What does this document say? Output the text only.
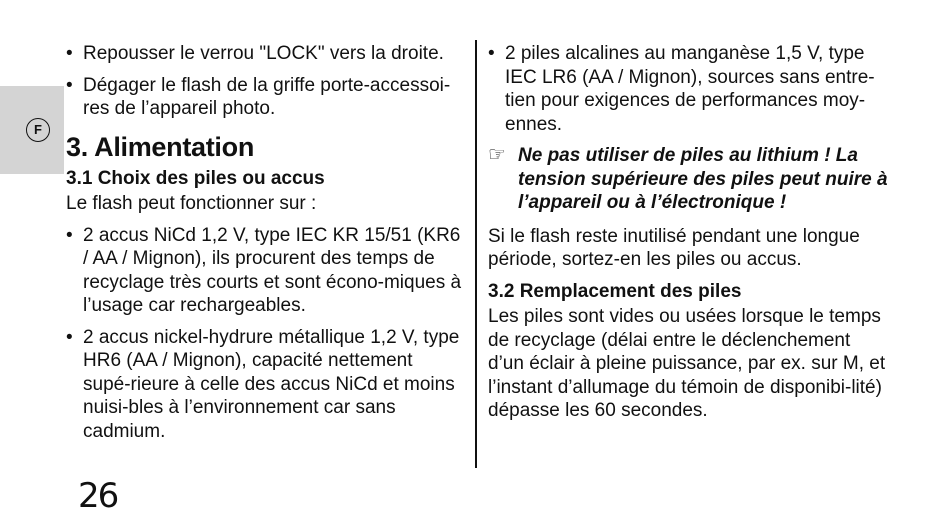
F
• Repousser le verrou "LOCK" vers la droite.
• Dégager le flash de la griffe porte-accessoi-res de l’appareil photo.
3. Alimentation
3.1 Choix des piles ou accus

Le flash peut fonctionner sur :

• 2 accus NiCd 1,2 V, type IEC KR 15/51 (KR6 / AA / Mignon), ils procurent des temps de recyclage très courts et sont écono-miques à l’usage car rechargeables.
• 2 accus nickel-hydrure métallique 1,2 V, type HR6 (AA / Mignon), capacité nettement supé-rieure à celle des accus NiCd et moins nuisi-bles à l’environnement car sans cadmium.
• 2 piles alcalines au manganèse 1,5 V, type IEC LR6 (AA / Mignon), sources sans entre-tien pour exigences de performances moy-ennes.
☞ Ne pas utiliser de piles au lithium ! La tension supérieure des piles peut nuire à l’appareil ou à l’électronique !

Si le flash reste inutilisé pendant une longue période, sortez-en les piles ou accus.

3.2 Remplacement des piles

Les piles sont vides ou usées lorsque le temps de recyclage (délai entre le déclenchement d’un éclair à pleine puissance, par ex. sur M, et l’instant d’allumage du témoin de disponibi-lité) dépasse les 60 secondes.

26
